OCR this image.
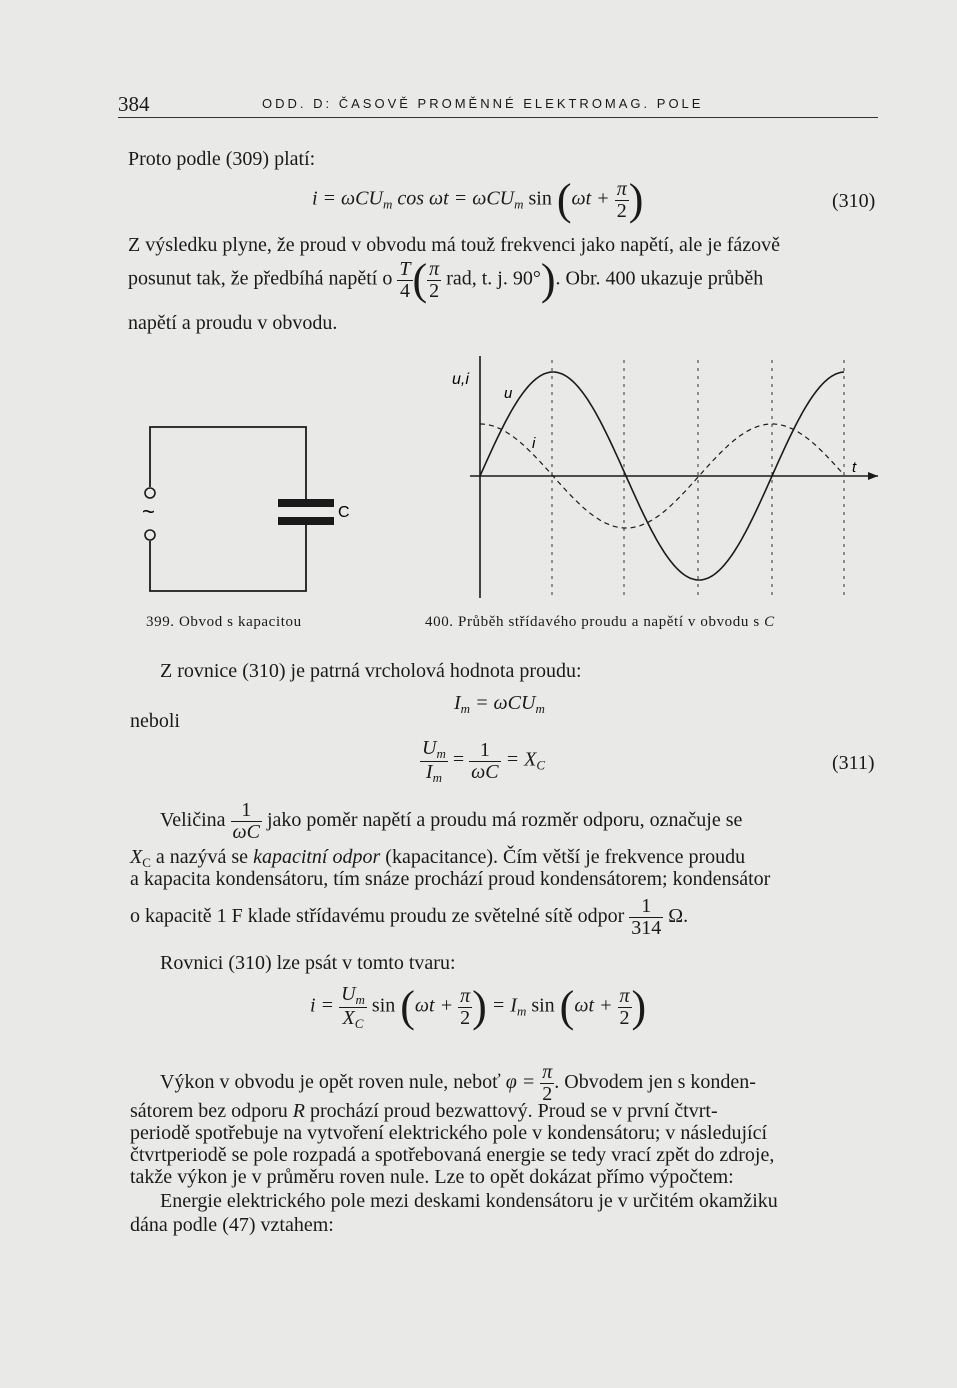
384	ODD. D: ČASOVĚ PROMĚNNÉ ELEKTROMAG. POLE
Proto podle (309) platí:
i = ωCU$_m$ cos ωt = ωCU$_m$ $\sin (\omega t + \frac{\pi}{2}$ )	(310)
Z výsledku plyne, že proud v obvodu má touž frekvenci jako napětí, ale je fázově
posunut tak, že předbíhá napětí o $\frac{T}{4}$ ( $\frac{\pi}{2}$ rad, t. j. 90°). Obr. 400 ukazuje průběh
napětí a proudu v obvodu.
~	C
399. Obvod s kapacitou
u,i
u
i
t
400. Průběh střídavého proudu a napětí v obvodu s C
Z rovnice (310) je patrná vrcholová hodnota proudu:
$I_m = \omega CU_m$
neboli
$\frac{U_m}{I_m} = \frac{1}{\omega C} = X_C$	(311)
Veličina $\frac{1}{\omega C}$ jako poměr napětí a proudu má rozměr odporu, označuje se
$X_C$ a nazývá se kapacitní odpor (kapacitance). Čím větší je frekvence proudu
a kapacita kondensátoru, tím snáze prochází proud kondensátorem; kondensátor
o kapacitě 1 F klade střídavému proudu ze světelné sítě odpor $\frac{1}{314} \Omega$.
Rovnici (310) lze psát v tomto tvaru:
$i = \frac{U_m}{X_C}$ $\sin (\omega t + \frac{\pi}{2}$ ) = $I_m$ $\sin (\omega t + \frac{\pi}{2}$ )
Výkon v obvodu je opět roven nule, neboť $\varphi = \frac{\pi}{2}$ . Obvodem jen s konden-
sátorem bez odporu R prochází proud bezwattový. Proud se v první čtvrt-
periodě spotřebuje na vytvoření elektrického pole v kondensátoru; v následující
čtvrtperiodě se pole rozpadá a spotřebovaná energie se tedy vrací zpět do zdroje,
takže výkon je v průměru roven nule. Lze to opět dokázat přímo výpočtem:
Energie elektrického pole mezi deskami kondensátoru je v určitém okamžiku
dána podle (47) vztahem:
